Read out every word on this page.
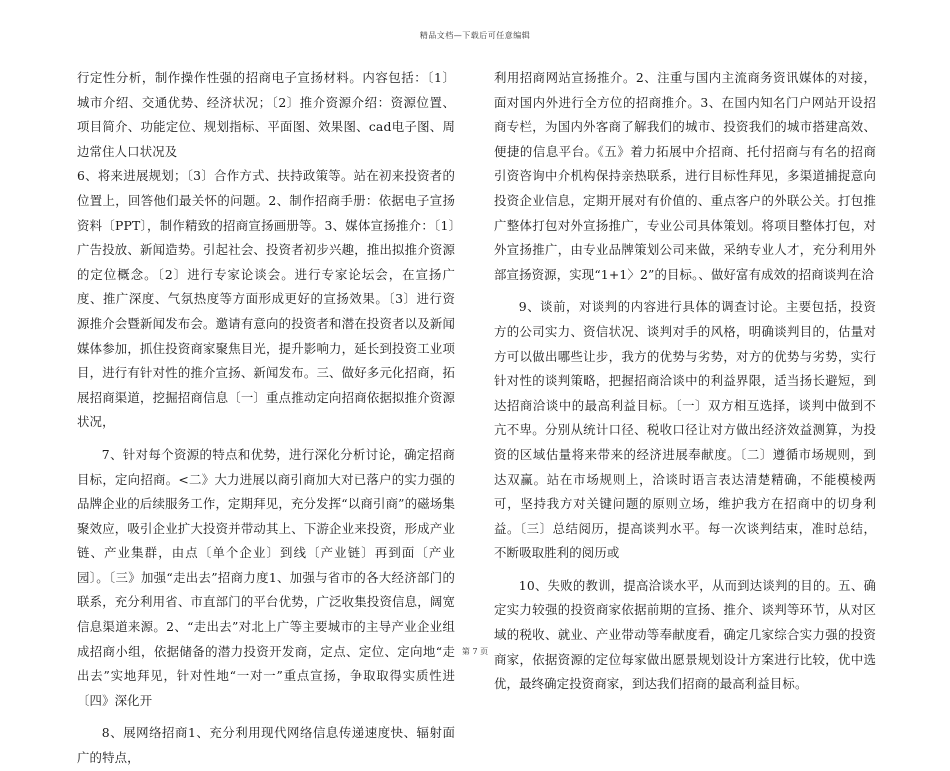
精品文档—下载后可任意编辑

行定性分析，制作操作性强的招商电子宣扬材料。内容包括：〔1〕城市介绍、交通优势、经济状况；〔2〕推介资源介绍：资源位置、项目简介、功能定位、规划指标、平面图、效果图、cad电子图、周边常住人口状况及

6、将来进展规划；〔3〕合作方式、扶持政策等。站在初来投资者的位置上，回答他们最关怀的问题。2、制作招商手册：依据电子宣扬资料〔PPT〕，制作精致的招商宣扬画册等。3、媒体宣扬推介：〔1〕广告投放、新闻造势。引起社会、投资者初步兴趣，推出拟推介资源的定位概念。〔2〕进行专家论谈会。进行专家论坛会，在宣扬广度、推广深度、气氛热度等方面形成更好的宣扬效果。〔3〕进行资源推介会暨新闻发布会。邀请有意向的投资者和潜在投资者以及新闻媒体参加，抓住投资商家聚焦目光，提升影响力，延长到投资工业项目，进行有针对性的推介宣扬、新闻发布。三、做好多元化招商，拓展招商渠道，挖掘招商信息〔一〕重点推动定向招商依据拟推介资源状况，

7、针对每个资源的特点和优势，进行深化分析讨论，确定招商目标，定向招商。<二》大力进展以商引商加大对已落户的实力强的品牌企业的后续服务工作，定期拜见，充分发挥“以商引商”的磁场集聚效应，吸引企业扩大投资并带动其上、下游企业来投资，形成产业链、产业集群，由点〔单个企业〕到线〔产业链〕再到面〔产业园〕。〔三》加强“走出去”招商力度1、加强与省市的各大经济部门的联系，充分利用省、市直部门的平台优势，广泛收集投资信息，阔宽信息渠道来源。2、“走出去”对北上广等主要城市的主导产业企业组成招商小组，依据储备的潜力投资开发商，定点、定位、定向地“走出去”实地拜见，针对性地“一对一”重点宣扬，争取取得实质性进〔四》深化开

8、展网络招商1、充分利用现代网络信息传递速度快、辐射面广的特点，

利用招商网站宣扬推介。2、注重与国内主流商务资讯媒体的对接，面对国内外进行全方位的招商推介。3、在国内知名门户网站开设招商专栏，为国内外客商了解我们的城市、投资我们的城市搭建高效、便捷的信息平台。《五》着力拓展中介招商、托付招商与有名的招商引资咨询中介机构保持亲热联系，进行目标性拜见，多渠道捕捉意向投资企业信息，定期开展对有价值的、重点客户的外联公关。打包推广整体打包对外宣扬推广，专业公司具体策划。将项目整体打包，对外宣扬推广，由专业品牌策划公司来做，采纳专业人才，充分利用外部宣扬资源，实现“1+1〉2”的目标。、做好富有成效的招商谈判在洽

9、谈前，对谈判的内容进行具体的调查讨论。主要包括，投资方的公司实力、资信状况、谈判对手的风格，明确谈判目的，估量对方可以做出哪些让步，我方的优势与劣势，对方的优势与劣势，实行针对性的谈判策略，把握招商洽谈中的利益界限，适当扬长避短，到达招商洽谈中的最高利益目标。〔一〕双方相互选择，谈判中做到不亢不卑。分别从统计口径、税收口径让对方做出经济效益测算，为投资的区域估量将来带来的经济进展奉献度。〔二〕遵循市场规则，到达双赢。站在市场规则上，洽谈时语言表达清楚精确，不能模棱两可，坚持我方对关键问题的原则立场，维护我方在招商中的切身利益。〔三〕总结阅历，提高谈判水平。每一次谈判结束，准时总结，不断吸取胜利的阅历或

10、失败的教训，提高洽谈水平，从而到达谈判的目的。五、确定实力较强的投资商家依据前期的宣扬、推介、谈判等环节，从对区域的税收、就业、产业带动等奉献度看，确定几家综合实力强的投资商家，依据资源的定位每家做出愿景规划设计方案进行比较，优中选优，最终确定投资商家，到达我们招商的最高利益目标。

第 7 页
